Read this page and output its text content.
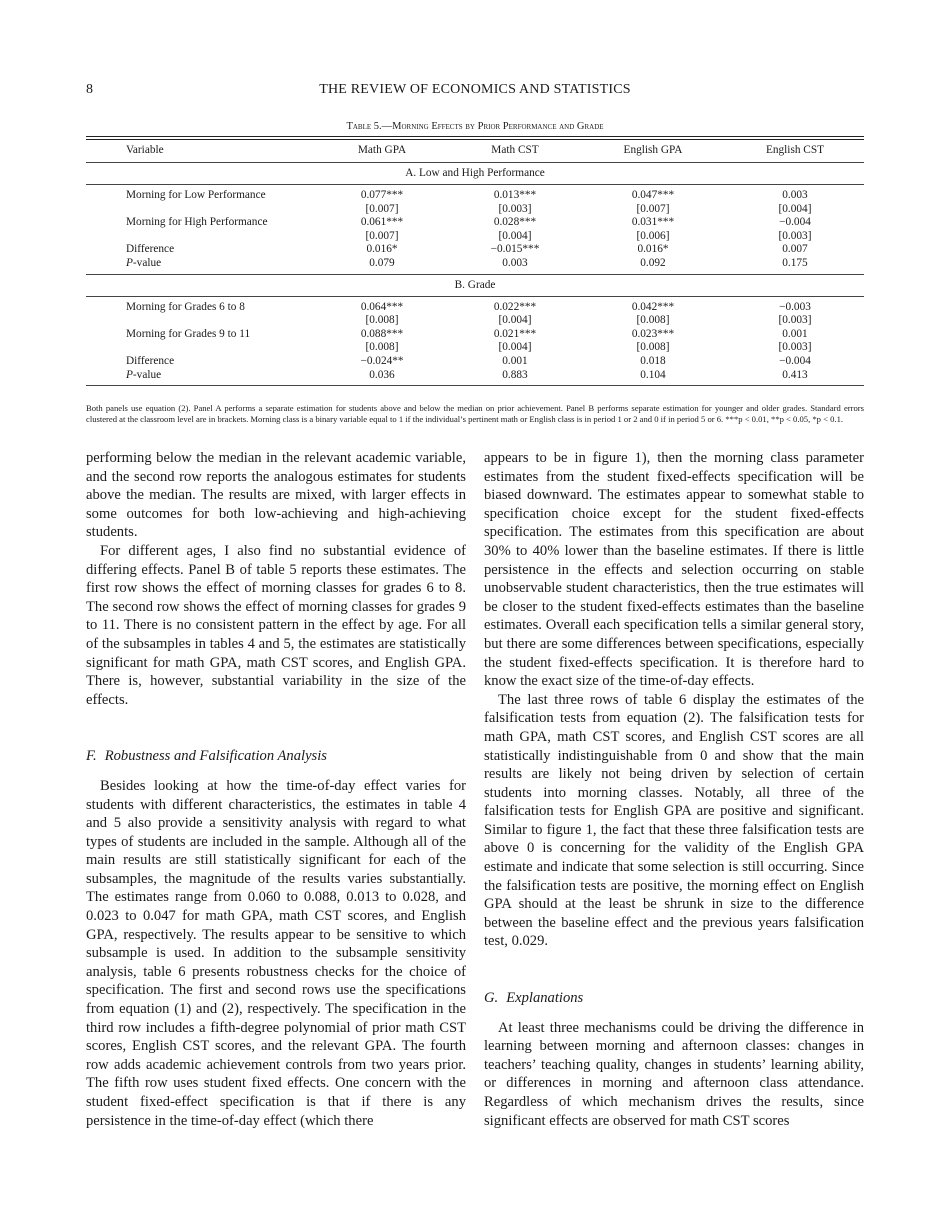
8	THE REVIEW OF ECONOMICS AND STATISTICS
Table 5.—Morning Effects by Prior Performance and Grade
Variable	Math GPA	Math CST	English GPA	English CST
A. Low and High Performance
Morning for Low Performance	0.077***	0.013***	0.047***	0.003
	[0.007]	[0.003]	[0.007]	[0.004]
Morning for High Performance	0.061***	0.028***	0.031***	−0.004
	[0.007]	[0.004]	[0.006]	[0.003]
Difference	0.016*	−0.015***	0.016*	0.007
P-value	0.079	0.003	0.092	0.175
B. Grade
Morning for Grades 6 to 8	0.064***	0.022***	0.042***	−0.003
	[0.008]	[0.004]	[0.008]	[0.003]
Morning for Grades 9 to 11	0.088***	0.021***	0.023***	0.001
	[0.008]	[0.004]	[0.008]	[0.003]
Difference	−0.024**	0.001	0.018	−0.004
P-value	0.036	0.883	0.104	0.413
Both panels use equation (2). Panel A performs a separate estimation for students above and below the median on prior achievement. Panel B performs separate estimation for younger and older grades. Standard errors clustered at the classroom level are in brackets. Morning class is a binary variable equal to 1 if the individual’s pertinent math or English class is in period 1 or 2 and 0 if in period 5 or 6. ***p < 0.01, **p < 0.05, *p < 0.1.

performing below the median in the relevant academic variable, and the second row reports the analogous estimates for students above the median. The results are mixed, with larger effects in some outcomes for both low-achieving and high-achieving students.

For different ages, I also find no substantial evidence of differing effects. Panel B of table 5 reports these estimates. The first row shows the effect of morning classes for grades 6 to 8. The second row shows the effect of morning classes for grades 9 to 11. There is no consistent pattern in the effect by age. For all of the subsamples in tables 4 and 5, the estimates are statistically significant for math GPA, math CST scores, and English GPA. There is, however, substantial variability in the size of the effects.

F. Robustness and Falsification Analysis

Besides looking at how the time-of-day effect varies for students with different characteristics, the estimates in table 4 and 5 also provide a sensitivity analysis with regard to what types of students are included in the sample. Although all of the main results are still statistically significant for each of the subsamples, the magnitude of the results varies substantially. The estimates range from 0.060 to 0.088, 0.013 to 0.028, and 0.023 to 0.047 for math GPA, math CST scores, and English GPA, respectively. The results appear to be sensitive to which subsample is used. In addition to the subsample sensitivity analysis, table 6 presents robustness checks for the choice of specification. The first and second rows use the specifications from equation (1) and (2), respectively. The specification in the third row includes a fifth-degree polynomial of prior math CST scores, English CST scores, and the relevant GPA. The fourth row adds academic achievement controls from two years prior. The fifth row uses student fixed effects. One concern with the student fixed-effect specification is that if there is any persistence in the time-of-day effect (which there

appears to be in figure 1), then the morning class parameter estimates from the student fixed-effects specification will be biased downward. The estimates appear to somewhat stable to specification choice except for the student fixed-effects specification. The estimates from this specification are about 30% to 40% lower than the baseline estimates. If there is little persistence in the effects and selection occurring on stable unobservable student characteristics, then the true estimates will be closer to the student fixed-effects estimates than the baseline estimates. Overall each specification tells a similar general story, but there are some differences between specifications, especially the student fixed-effects specification. It is therefore hard to know the exact size of the time-of-day effects.

The last three rows of table 6 display the estimates of the falsification tests from equation (2). The falsification tests for math GPA, math CST scores, and English CST scores are all statistically indistinguishable from 0 and show that the main results are likely not being driven by selection of certain students into morning classes. Notably, all three of the falsification tests for English GPA are positive and significant. Similar to figure 1, the fact that these three falsification tests are above 0 is concerning for the validity of the English GPA estimate and indicate that some selection is still occurring. Since the falsification tests are positive, the morning effect on English GPA should at the least be shrunk in size to the difference between the baseline effect and the previous years falsification test, 0.029.

G. Explanations

At least three mechanisms could be driving the difference in learning between morning and afternoon classes: changes in teachers’ teaching quality, changes in students’ learning ability, or differences in morning and afternoon class attendance. Regardless of which mechanism drives the results, since significant effects are observed for math CST scores
